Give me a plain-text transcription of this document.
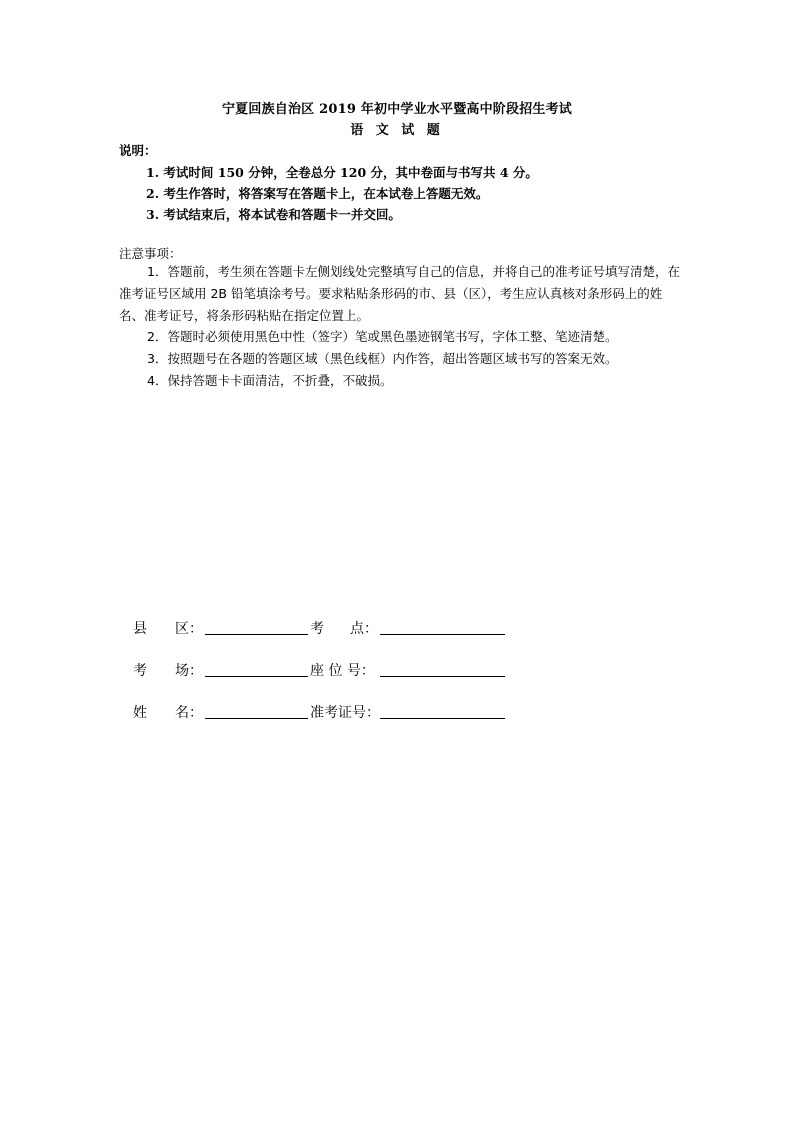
宁夏回族自治区 2019 年初中学业水平暨高中阶段招生考试
语 文 试 题
说明：
1. 考试时间 150 分钟，全卷总分 120 分，其中卷面与书写共 4 分。
2. 考生作答时，将答案写在答题卡上，在本试卷上答题无效。
3. 考试结束后，将本试卷和答题卡一并交回。
注意事项：
1．答题前，考生须在答题卡左侧划线处完整填写自己的信息，并将自己的准考证号填写清楚，在准考证号区域用 2B 铅笔填涂考号。要求粘贴条形码的市、县（区），考生应认真核对条形码上的姓名、准考证号，将条形码粘贴在指定位置上。
2．答题时必须使用黑色中性（签字）笔或黑色墨迹钢笔书写，字体工整、笔迹清楚。
3．按照题号在各题的答题区域（黑色线框）内作答，超出答题区域书写的答案无效。
4．保持答题卡卡面清洁，不折叠，不破损。
县 区：	考 点：
考 场：	座 位 号：
姓 名：	准考证号：
